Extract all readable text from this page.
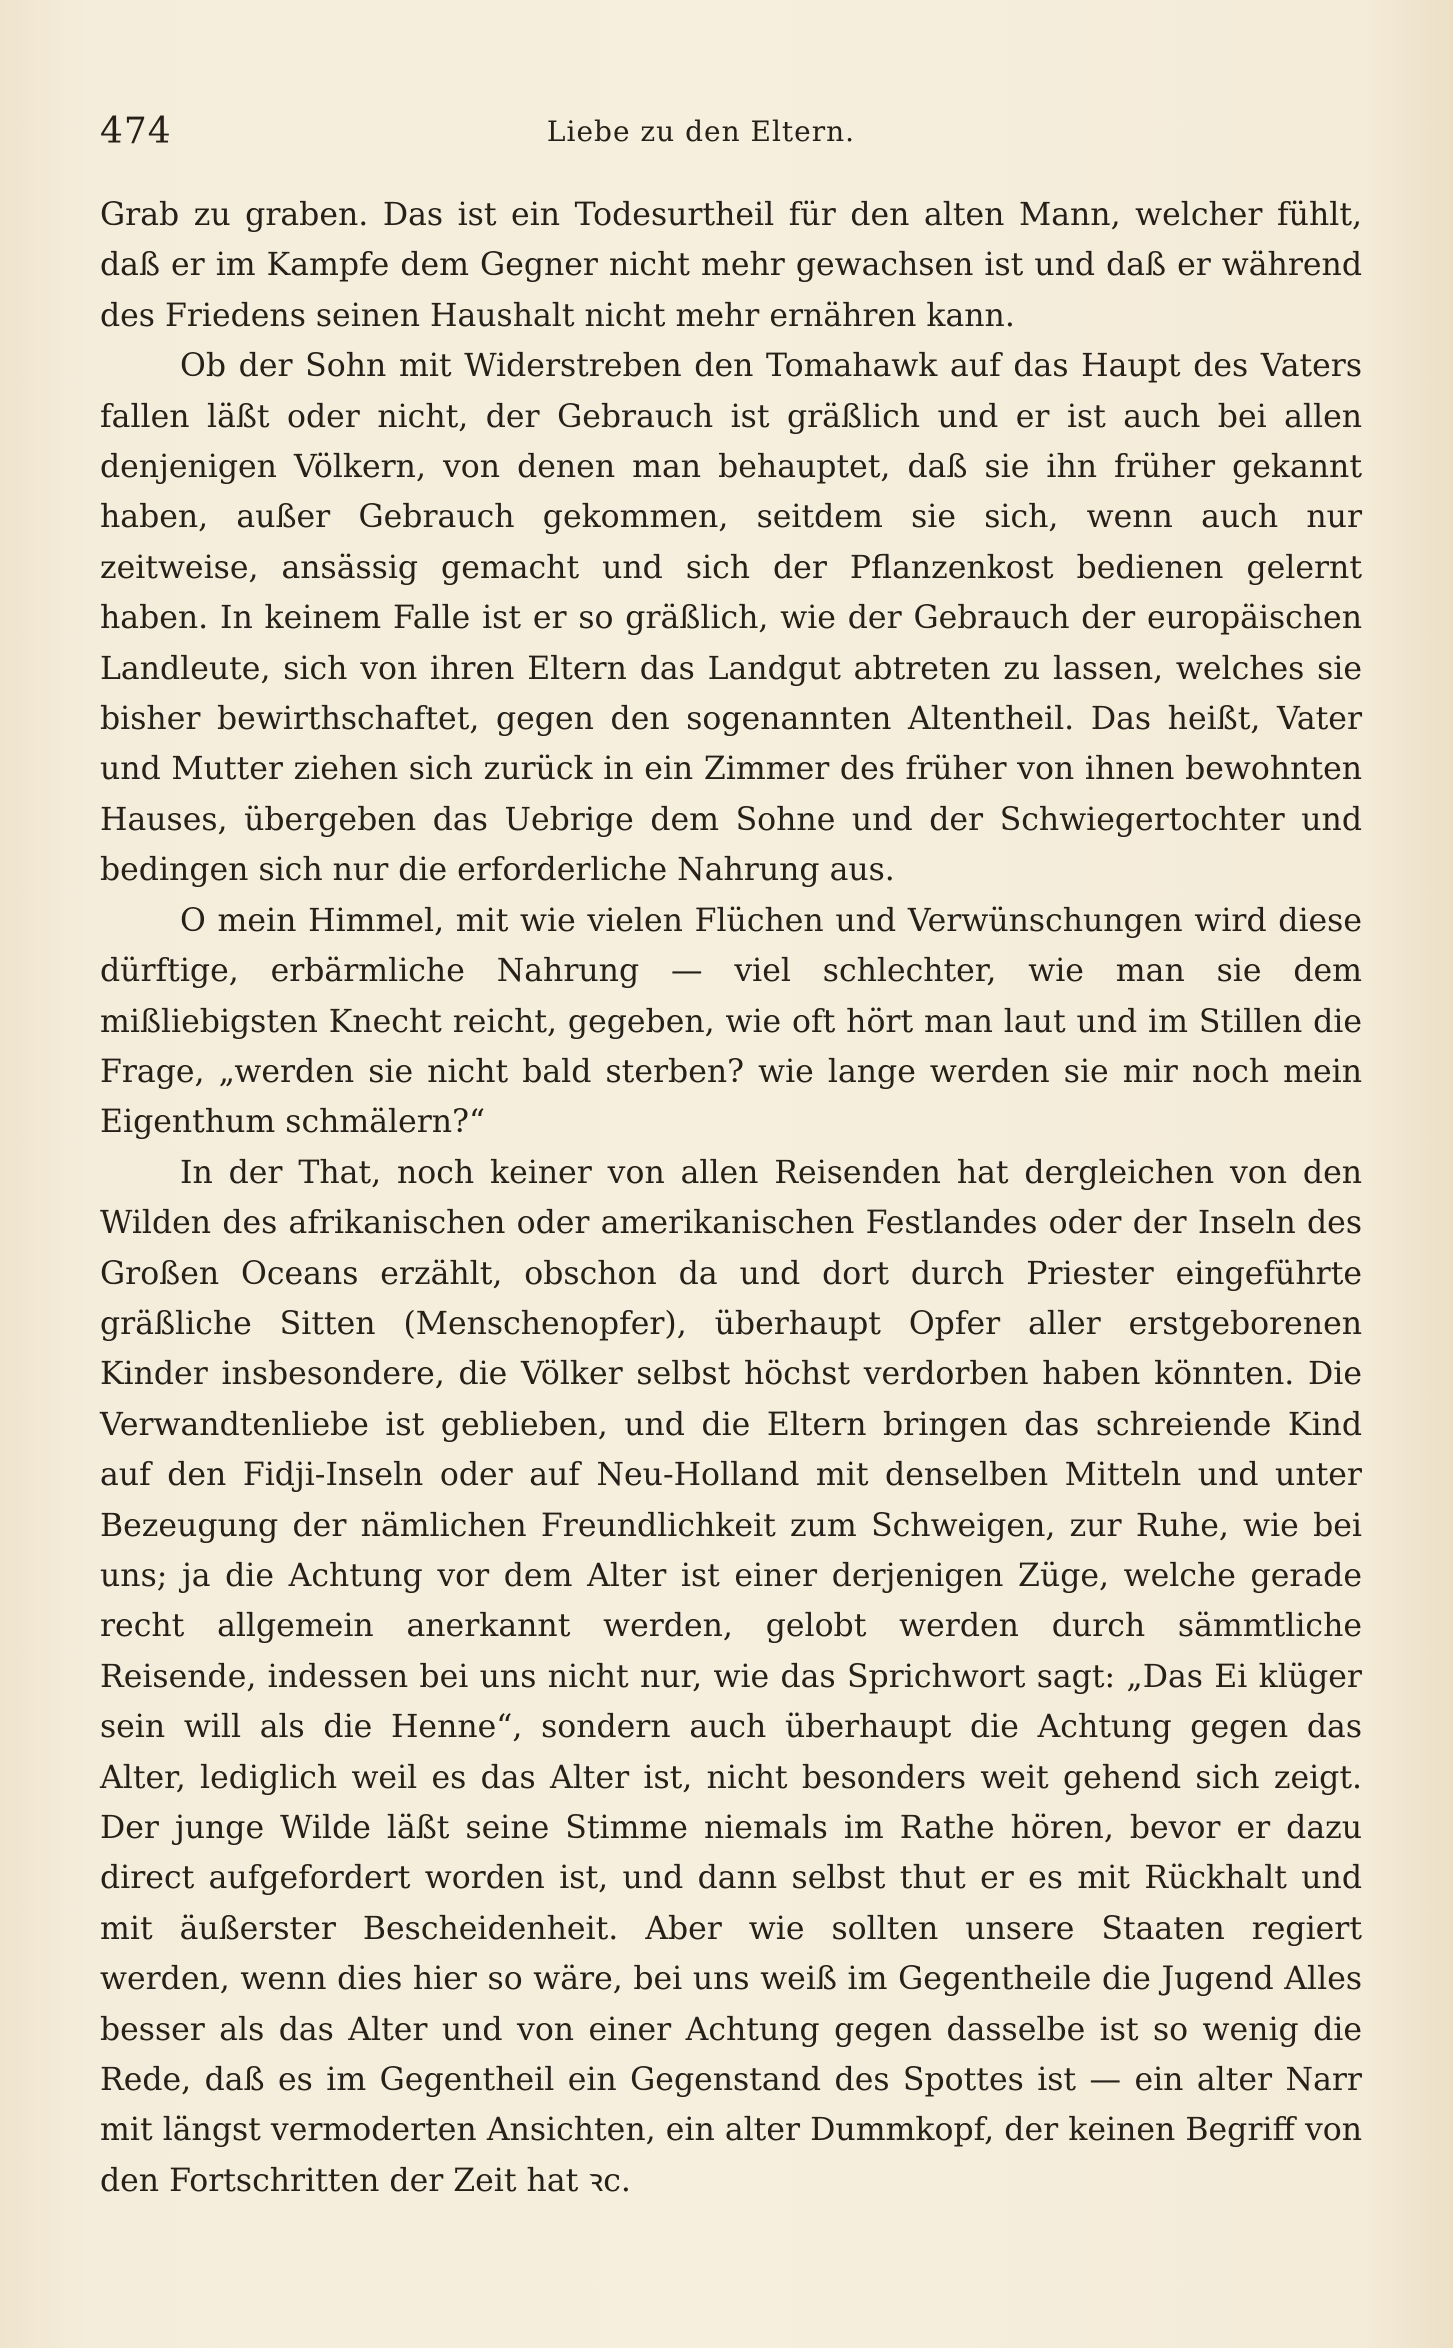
474	Liebe zu den Eltern.

Grab zu graben. Das ist ein Todesurtheil für den alten Mann, welcher fühlt, daß er im Kampfe dem Gegner nicht mehr gewachsen ist und daß er während des Friedens seinen Haushalt nicht mehr ernähren kann.

Ob der Sohn mit Widerstreben den Tomahawk auf das Haupt des Vaters fallen läßt oder nicht, der Gebrauch ist gräßlich und er ist auch bei allen denjenigen Völkern, von denen man behauptet, daß sie ihn früher gekannt haben, außer Gebrauch gekommen, seitdem sie sich, wenn auch nur zeitweise, ansässig gemacht und sich der Pflanzenkost bedienen gelernt haben. In keinem Falle ist er so gräßlich, wie der Gebrauch der europäischen Landleute, sich von ihren Eltern das Landgut abtreten zu lassen, welches sie bisher bewirthschaftet, gegen den sogenannten Altentheil. Das heißt, Vater und Mutter ziehen sich zurück in ein Zimmer des früher von ihnen bewohnten Hauses, übergeben das Uebrige dem Sohne und der Schwiegertochter und bedingen sich nur die erforderliche Nahrung aus.

O mein Himmel, mit wie vielen Flüchen und Verwünschungen wird diese dürftige, erbärmliche Nahrung — viel schlechter, wie man sie dem mißliebigsten Knecht reicht, gegeben, wie oft hört man laut und im Stillen die Frage, „werden sie nicht bald sterben? wie lange werden sie mir noch mein Eigenthum schmälern?“

In der That, noch keiner von allen Reisenden hat dergleichen von den Wilden des afrikanischen oder amerikanischen Festlandes oder der Inseln des Großen Oceans erzählt, obschon da und dort durch Priester eingeführte gräßliche Sitten (Menschenopfer), überhaupt Opfer aller erstgeborenen Kinder insbesondere, die Völker selbst höchst verdorben haben könnten. Die Verwandtenliebe ist geblieben, und die Eltern bringen das schreiende Kind auf den Fidji-Inseln oder auf Neu-Holland mit denselben Mitteln und unter Bezeugung der nämlichen Freundlichkeit zum Schweigen, zur Ruhe, wie bei uns; ja die Achtung vor dem Alter ist einer derjenigen Züge, welche gerade recht allgemein anerkannt werden, gelobt werden durch sämmtliche Reisende, indessen bei uns nicht nur, wie das Sprichwort sagt: „Das Ei klüger sein will als die Henne“, sondern auch überhaupt die Achtung gegen das Alter, lediglich weil es das Alter ist, nicht besonders weit gehend sich zeigt. Der junge Wilde läßt seine Stimme niemals im Rathe hören, bevor er dazu direct aufgefordert worden ist, und dann selbst thut er es mit Rückhalt und mit äußerster Bescheidenheit. Aber wie sollten unsere Staaten regiert werden, wenn dies hier so wäre, bei uns weiß im Gegentheile die Jugend Alles besser als das Alter und von einer Achtung gegen dasselbe ist so wenig die Rede, daß es im Gegentheil ein Gegenstand des Spottes ist — ein alter Narr mit längst vermoderten Ansichten, ein alter Dummkopf, der keinen Begriff von den Fortschritten der Zeit hat ꝛc.
